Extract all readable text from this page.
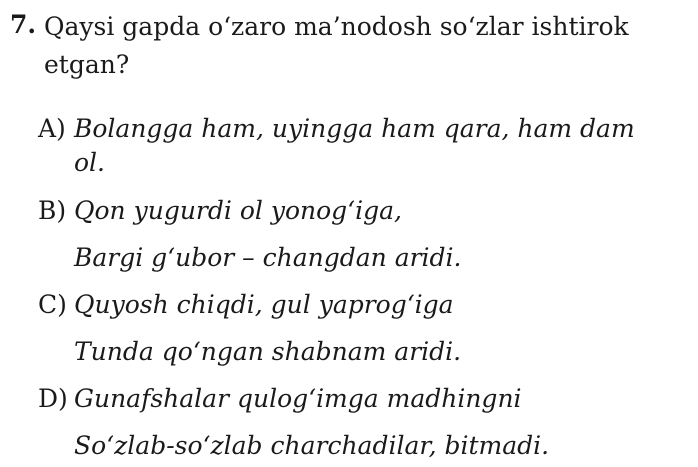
7. Qaysi gapda o‘zaro ma’nodosh so‘zlar ishtirok etgan?
A) Bolangga ham, uyingga ham qara, ham dam ol.
B) Qon yugurdi ol yonog‘iga,
Bargi g‘ubor – changdan aridi.
C) Quyosh chiqdi, gul yaprog‘iga
Tunda qo‘ngan shabnam aridi.
D) Gunafshalar qulog‘imga madhingni
So‘zlab-so‘zlab charchadilar, bitmadi.
